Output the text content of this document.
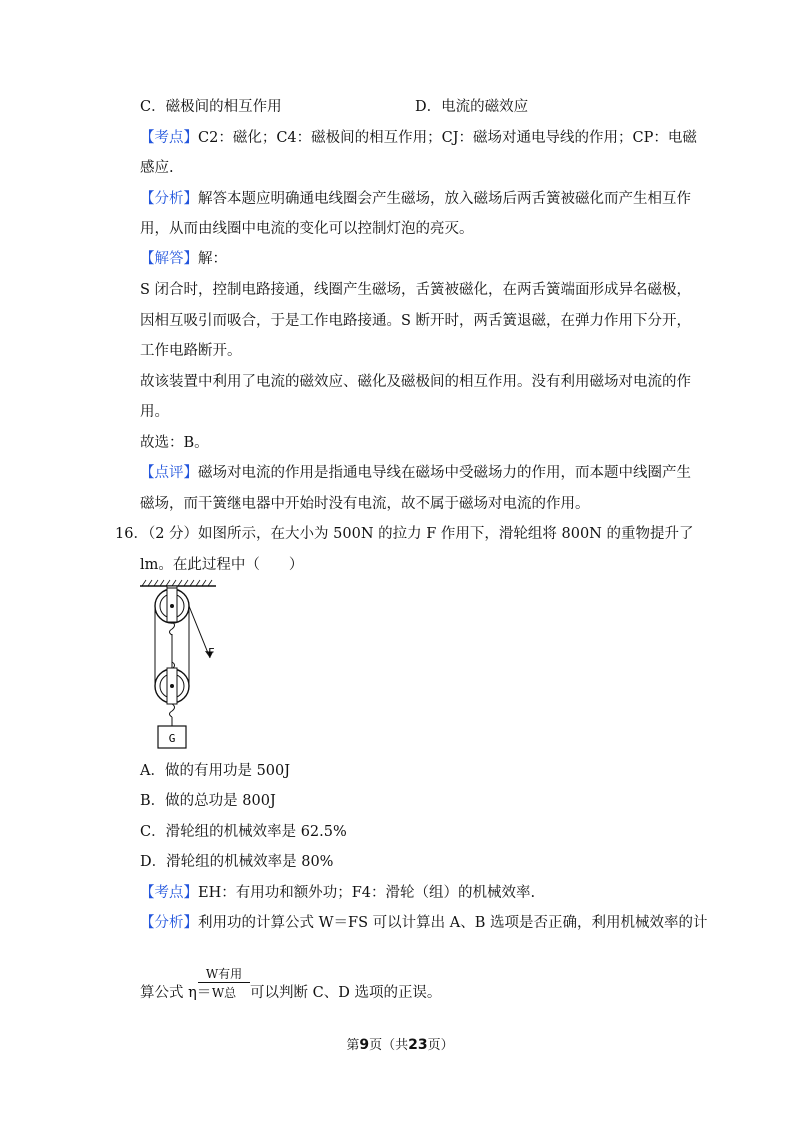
C．磁极间的相互作用	D．电流的磁效应
【考点】C2：磁化；C4：磁极间的相互作用；CJ：磁场对通电导线的作用；CP：电磁
感应.
【分析】解答本题应明确通电线圈会产生磁场，放入磁场后两舌簧被磁化而产生相互作
用，从而由线圈中电流的变化可以控制灯泡的亮灭。
【解答】解：
S 闭合时，控制电路接通，线圈产生磁场，舌簧被磁化，在两舌簧端面形成异名磁极，
因相互吸引而吸合，于是工作电路接通。S 断开时，两舌簧退磁，在弹力作用下分开，
工作电路断开。
故该装置中利用了电流的磁效应、磁化及磁极间的相互作用。没有利用磁场对电流的作
用。
故选：B。
【点评】磁场对电流的作用是指通电导线在磁场中受磁场力的作用，而本题中线圈产生
磁场，而干簧继电器中开始时没有电流，故不属于磁场对电流的作用。
16．（2 分）如图所示，在大小为 500N 的拉力 F 作用下，滑轮组将 800N 的重物提升了
lm。在此过程中（　　）
F
G
A．做的有用功是 500J
B．做的总功是 800J
C．滑轮组的机械效率是 62.5%
D．滑轮组的机械效率是 80%
【考点】EH：有用功和额外功；F4：滑轮（组）的机械效率.
【分析】利用功的计算公式 W＝FS 可以计算出 A、B 选项是否正确，利用机械效率的计
算公式 η＝
W有用
W总 可以判断 C、D 选项的正误。
第9页（共23页）
